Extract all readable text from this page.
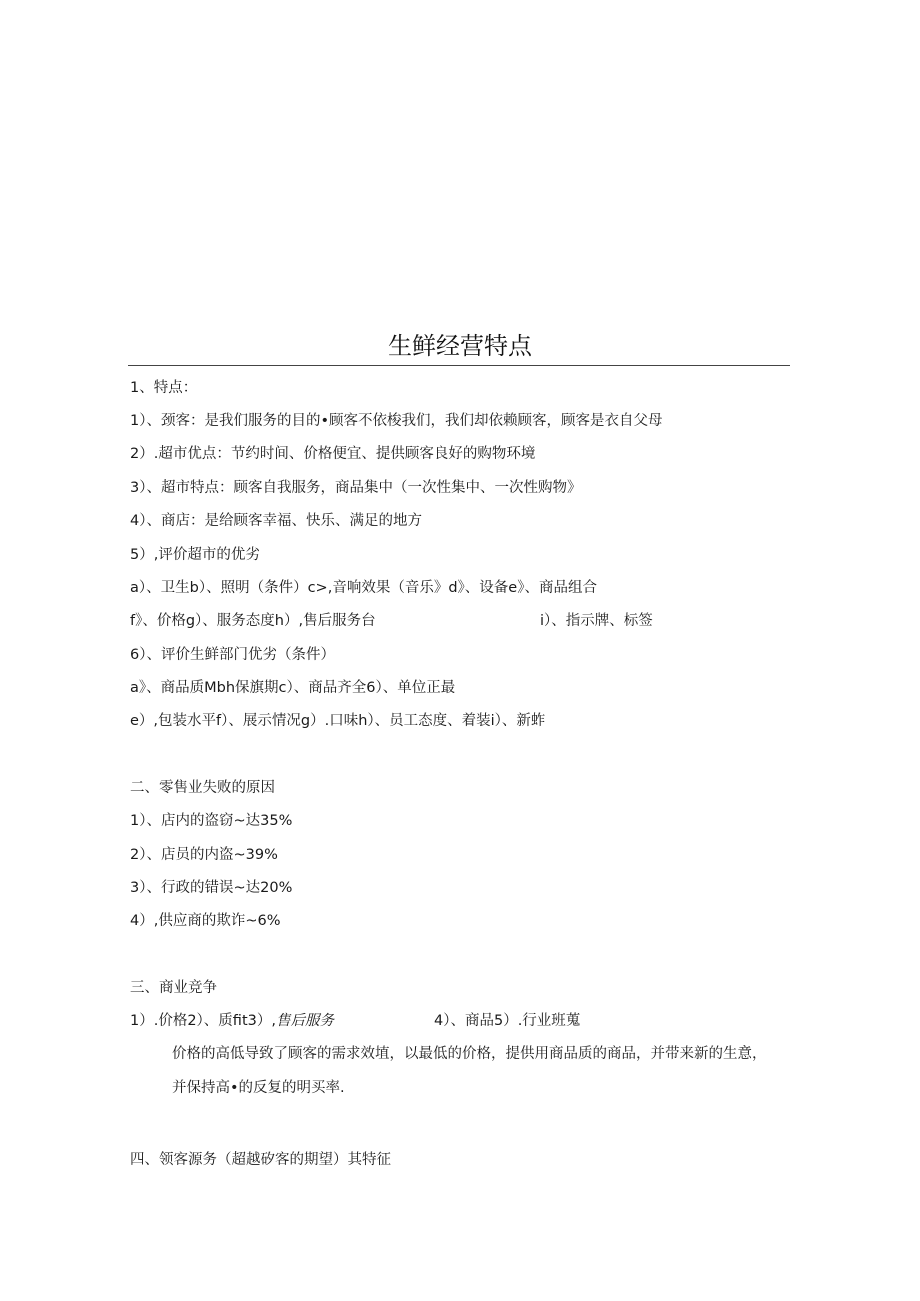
生鲜经营特点
1、特点：
1）、颈客：是我们服务的目的•顾客不依梭我们，我们却依赖顾客，顾客是衣自父母
2）.超市优点：节约时间、价格便宜、提供顾客良好的购物环境
3）、超市特点：顾客自我服务，商品集中（一次性集中、一次性购物》
4）、商店：是给顾客幸福、快乐、满足的地方
5）,评价超市的优劣
a）、卫生b）、照明（条件）c>,音响效果（音乐》d》、设备e》、商品组合
f》、价格g）、服务态度h）,售后服务台	i）、指示牌、标签
6）、评价生鲜部门优劣（条件）
a》、商品质Mbh保旗期c）、商品齐全6）、单位正最
e）,包装水平f）、展示情况g）.口味h）、员工态度、着装i）、新蚱
二、零售业失败的原因
1）、店内的盗窃~达35%
2）、店员的内盗~39%
3）、行政的错误~达20%
4）,供应商的欺诈~6%
三、商业竞争
1）.价格2）、质fit3）,售后服务	4）、商品5）.行业班蒐
价格的高低导致了顾客的需求效埴，以最低的价格，提供用商品质的商品，并带来新的生意，
并保持高•的反复的明买率.
四、领客源务（超越矽客的期望）其特征
